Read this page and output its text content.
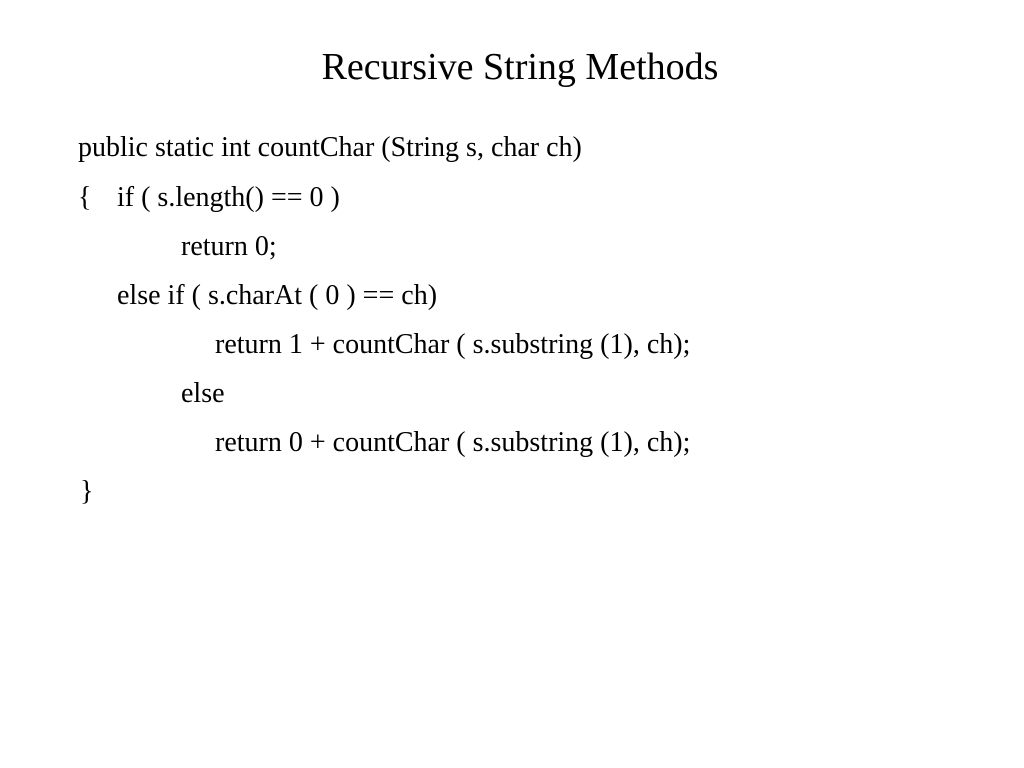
Recursive String Methods
public static int countChar (String s, char ch)
{ if ( s.length() == 0 )
return 0;
else if ( s.charAt ( 0 ) == ch)
return 1 + countChar ( s.substring (1), ch);
else
return 0 + countChar ( s.substring (1), ch);
}
